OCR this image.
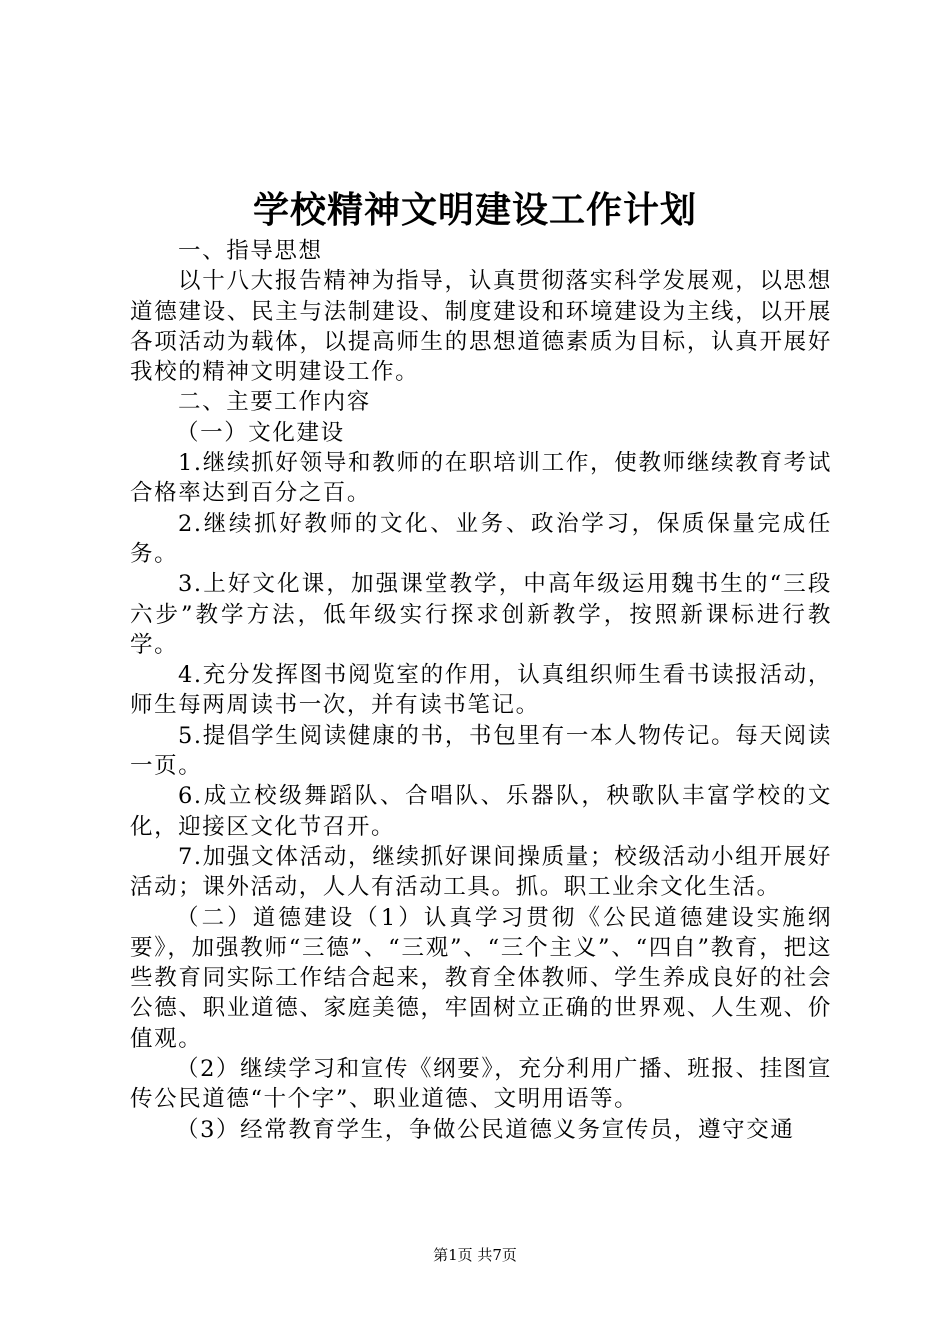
学校精神文明建设工作计划

一、指导思想

以十八大报告精神为指导，认真贯彻落实科学发展观，以思想道德建设、民主与法制建设、制度建设和环境建设为主线，以开展各项活动为载体，以提高师生的思想道德素质为目标，认真开展好我校的精神文明建设工作。

二、主要工作内容

（一）文化建设

1.继续抓好领导和教师的在职培训工作，使教师继续教育考试合格率达到百分之百。

2.继续抓好教师的文化、业务、政治学习，保质保量完成任务。

3.上好文化课，加强课堂教学，中高年级运用魏书生的“三段六步”教学方法，低年级实行探求创新教学，按照新课标进行教学。

4.充分发挥图书阅览室的作用，认真组织师生看书读报活动，师生每两周读书一次，并有读书笔记。

5.提倡学生阅读健康的书，书包里有一本人物传记。每天阅读一页。

6.成立校级舞蹈队、合唱队、乐器队，秧歌队丰富学校的文化，迎接区文化节召开。

7.加强文体活动，继续抓好课间操质量；校级活动小组开展好活动；课外活动，人人有活动工具。抓。职工业余文化生活。

（二）道德建设（1）认真学习贯彻《公民道德建设实施纲要》，加强教师“三德”、“三观”、“三个主义”、“四自”教育，把这些教育同实际工作结合起来，教育全体教师、学生养成良好的社会公德、职业道德、家庭美德，牢固树立正确的世界观、人生观、价值观。

（2）继续学习和宣传《纲要》，充分利用广播、班报、挂图宣传公民道德“十个字”、职业道德、文明用语等。

（3）经常教育学生，争做公民道德义务宣传员，遵守交通

第1页 共7页
